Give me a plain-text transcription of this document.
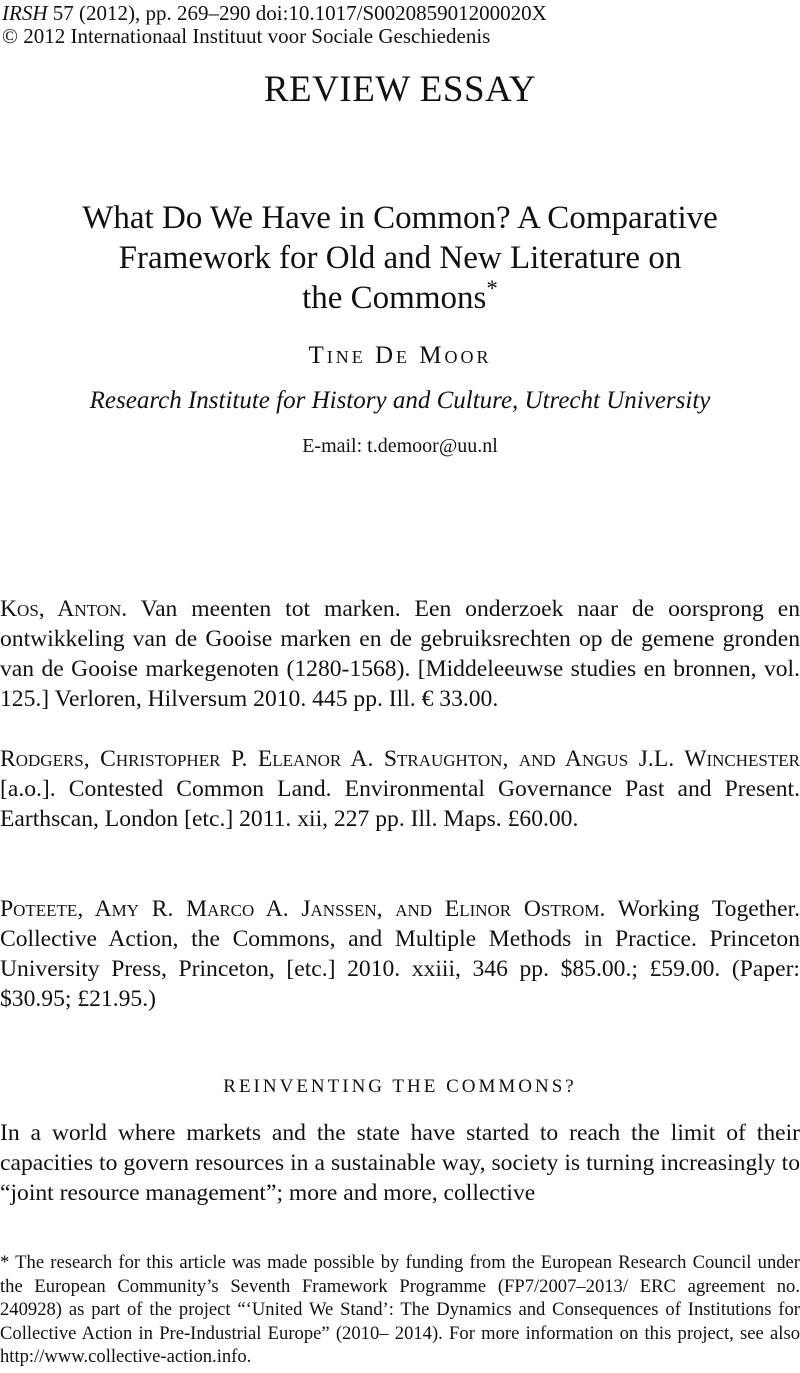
IRSH 57 (2012), pp. 269–290 doi:10.1017/S002085901200020X
© 2012 Internationaal Instituut voor Sociale Geschiedenis
REVIEW ESSAY
What Do We Have in Common? A Comparative
Framework for Old and New Literature on
the Commons*
Tine De Moor
Research Institute for History and Culture, Utrecht University
E-mail: t.demoor@uu.nl
Kos, Anton. Van meenten tot marken. Een onderzoek naar de oorsprong en ontwikkeling van de Gooise marken en de gebruiksrechten op de gemene gronden van de Gooise markegenoten (1280-1568). [Middeleeuwse studies en bronnen, vol. 125.] Verloren, Hilversum 2010. 445 pp. Ill. € 33.00.
Rodgers, Christopher P. Eleanor A. Straughton, and Angus J.L. Winchester [a.o.]. Contested Common Land. Environmental Governance Past and Present. Earthscan, London [etc.] 2011. xii, 227 pp. Ill. Maps. £60.00.
Poteete, Amy R. Marco A. Janssen, and Elinor Ostrom. Working Together. Collective Action, the Commons, and Multiple Methods in Practice. Princeton University Press, Princeton, [etc.] 2010. xxiii, 346 pp. $85.00.; £59.00. (Paper: $30.95; £21.95.)
REINVENTING THE COMMONS?
In a world where markets and the state have started to reach the limit of their capacities to govern resources in a sustainable way, society is turning increasingly to “joint resource management”; more and more, collective
* The research for this article was made possible by funding from the European Research Council under the European Community’s Seventh Framework Programme (FP7/2007–2013/ ERC agreement no. 240928) as part of the project “‘United We Stand’: The Dynamics and Consequences of Institutions for Collective Action in Pre-Industrial Europe” (2010– 2014). For more information on this project, see also http://www.collective-action.info.
